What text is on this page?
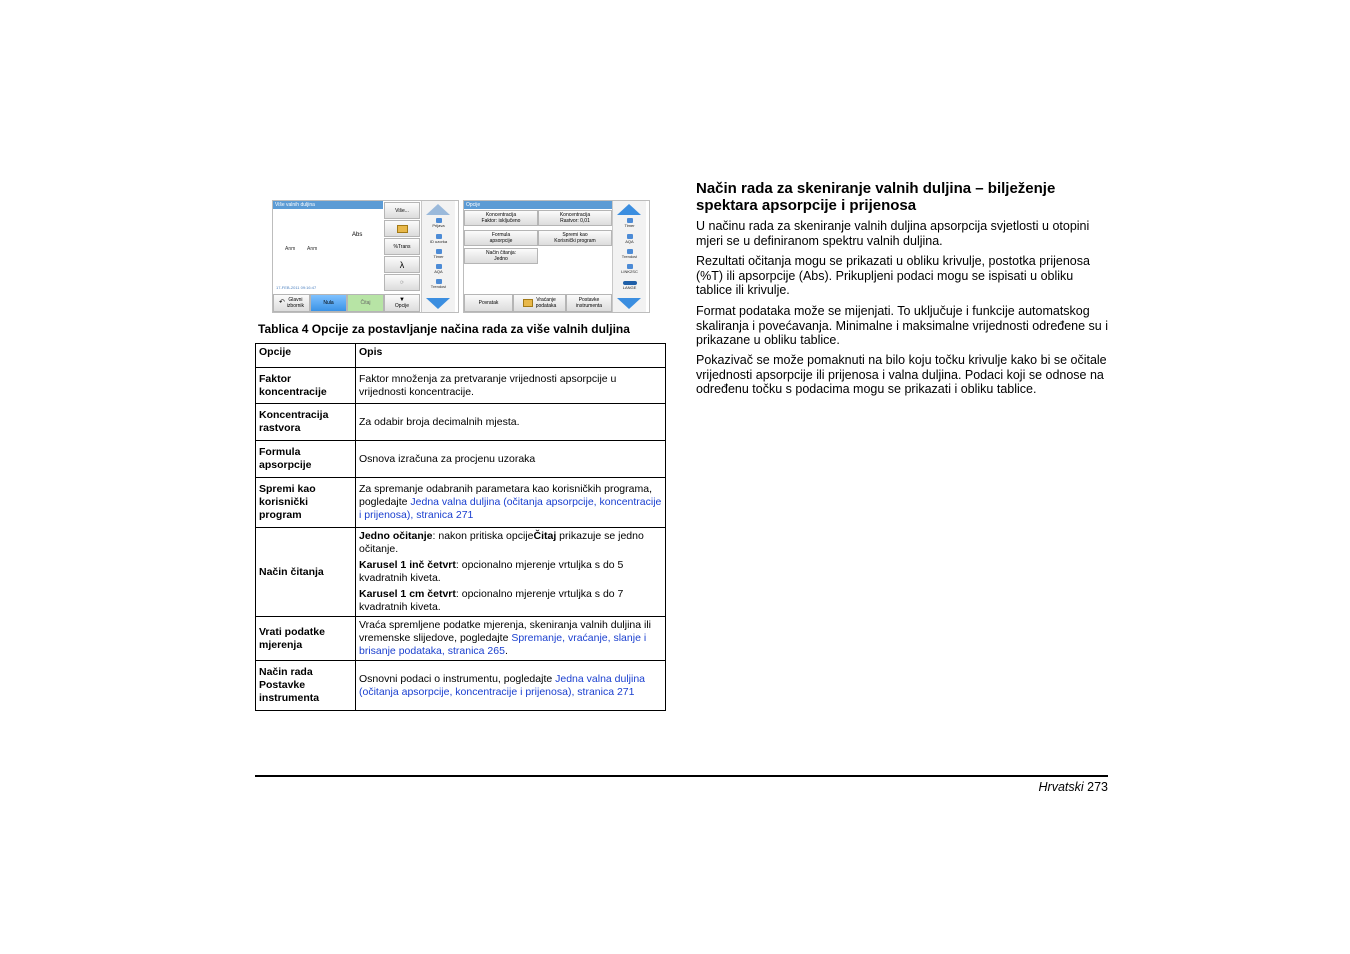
Više valnih duljina
Abs
Anm Anm
17-FEB-2011 09:16:47
Više...
%Trans
λ
⟳
↶ Glavni
izbornik	Nula	Čitaj
▼
Opcije
Prijava
ID uzorka
Timer
AQA
Trendovi
Opcije
Koncentracija
Faktor: isključeno
Koncentracija
Rastvor: 0,01
Formula
apsorpcije
Spremi kao
Korisnički program
Način čitanja:
Jedno
Povratak	Vraćanje
podataka
Postavke
instrumenta
Timer
AQA
Trendovi
LINK2SC
LANGE
Tablica 4 Opcije za postavljanje načina rada za više valnih duljina
Opcije	Opis
Faktor koncentracije	Faktor množenja za pretvaranje vrijednosti apsorpcije u vrijednosti koncentracije.
Koncentracija rastvora	Za odabir broja decimalnih mjesta.
Formula apsorpcije	Osnova izračuna za procjenu uzoraka
Spremi kao korisnički program	Za spremanje odabranih parametara kao korisničkih programa, pogledajte Jedna valna duljina (očitanja apsorpcije, koncentracije i prijenosa), stranica 271
Način čitanja	Jedno očitanje: nakon pritiska opcijeČitaj prikazuje se jedno očitanje.
Karusel 1 inč četvrt: opcionalno mjerenje vrtuljka s do 5 kvadratnih kiveta.
Karusel 1 cm četvrt: opcionalno mjerenje vrtuljka s do 7 kvadratnih kiveta.

Vrati podatke mjerenja	Vraća spremljene podatke mjerenja, skeniranja valnih duljina ili vremenske slijedove, pogledajte Spremanje, vraćanje, slanje i brisanje podataka, stranica 265.
Način rada Postavke instrumenta	Osnovni podaci o instrumentu, pogledajte Jedna valna duljina (očitanja apsorpcije, koncentracije i prijenosa), stranica 271
Način rada za skeniranje valnih duljina – bilježenje spektara apsorpcije i prijenosa

U načinu rada za skeniranje valnih duljina apsorpcija svjetlosti u otopini mjeri se u definiranom spektru valnih duljina.

Rezultati očitanja mogu se prikazati u obliku krivulje, postotka prijenosa (%T) ili apsorpcije (Abs). Prikupljeni podaci mogu se ispisati u obliku tablice ili krivulje.

Format podataka može se mijenjati. To uključuje i funkcije automatskog skaliranja i povećavanja. Minimalne i maksimalne vrijednosti određene su i prikazane u obliku tablice.

Pokazivač se može pomaknuti na bilo koju točku krivulje kako bi se očitale vrijednosti apsorpcije ili prijenosa i valna duljina. Podaci koji se odnose na određenu točku s podacima mogu se prikazati i obliku tablice.

Hrvatski 273
